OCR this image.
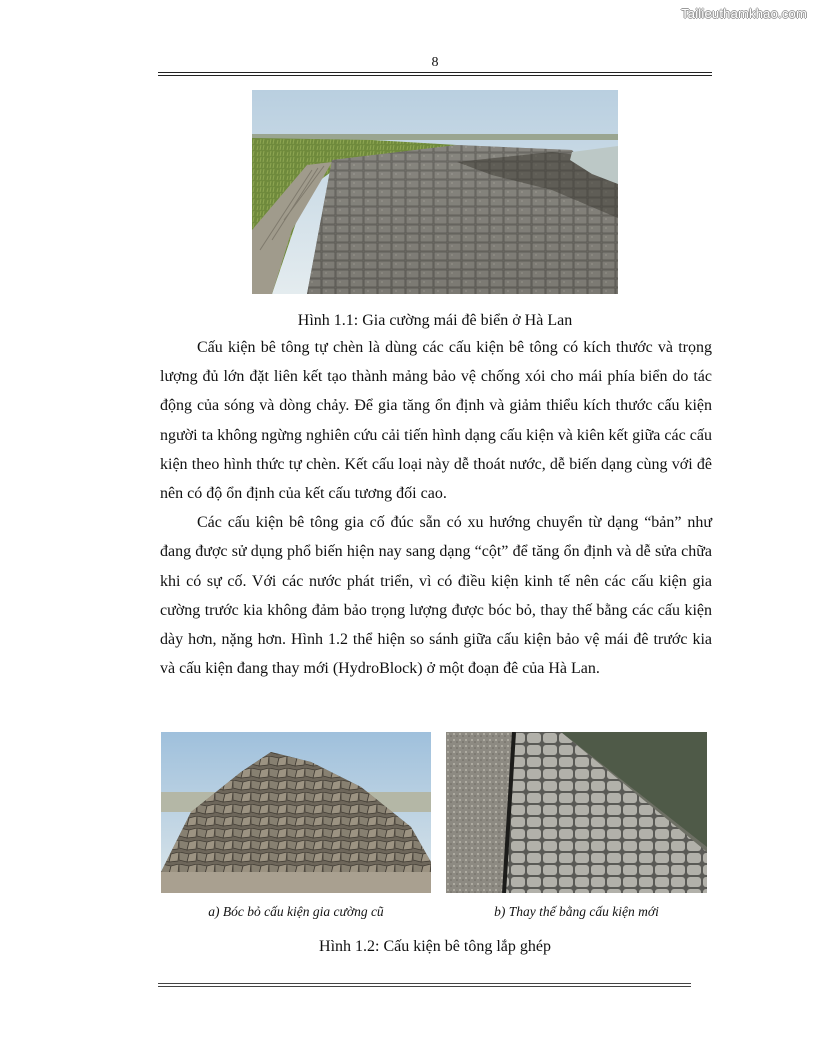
Tailieuthamkhao.com
8
Hình 1.1: Gia cường mái đê biển ở Hà Lan

Cấu kiện bê tông tự chèn là dùng các cấu kiện bê tông có kích thước và trọng lượng đủ lớn đặt liên kết tạo thành mảng bảo vệ chống xói cho mái phía biển do tác động của sóng và dòng chảy. Để gia tăng ổn định và giảm thiểu kích thước cấu kiện người ta không ngừng nghiên cứu cải tiến hình dạng cấu kiện và kiên kết giữa các cấu kiện theo hình thức tự chèn. Kết cấu loại này dễ thoát nước, dễ biến dạng cùng với đê nên có độ ổn định của kết cấu tương đối cao.

Các cấu kiện bê tông gia cố đúc sẵn có xu hướng chuyển từ dạng “bản” như đang được sử dụng phổ biến hiện nay sang dạng “cột” để tăng ổn định và dễ sửa chữa khi có sự cố. Với các nước phát triển, vì có điều kiện kinh tế nên các cấu kiện gia cường trước kia không đảm bảo trọng lượng được bóc bỏ, thay thế bằng các cấu kiện dày hơn, nặng hơn. Hình 1.2 thể hiện so sánh giữa cấu kiện bảo vệ mái đê trước kia và cấu kiện đang thay mới (HydroBlock) ở một đoạn đê của Hà Lan.

a) Bóc bỏ cấu kiện gia cường cũ	b) Thay thế bằng cấu kiện mới
Hình 1.2: Cấu kiện bê tông lắp ghép
